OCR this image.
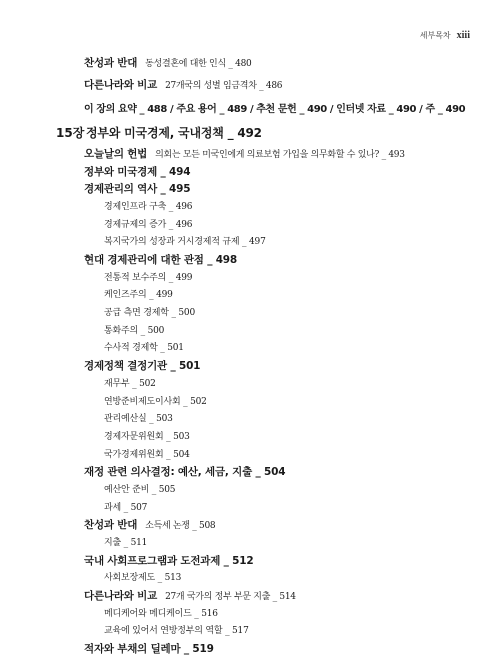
세부목차 xiii
찬성과 반대 동성결혼에 대한 인식 _ 480
다른나라와 비교 27개국의 성별 임금격차 _ 486
이 장의 요약 _ 488 / 주요 용어 _ 489 / 추천 문헌 _ 490 / 인터넷 자료 _ 490 / 주 _ 490
15장 정부와 미국경제, 국내정책 _ 492
오늘날의 헌법 의회는 모든 미국인에게 의료보험 가입을 의무화할 수 있나? _ 493
정부와 미국경제 _ 494
경제관리의 역사 _ 495
경제인프라 구축 _ 496
경제규제의 증가 _ 496
복지국가의 성장과 거시경제적 규제 _ 497
현대 경제관리에 대한 관점 _ 498
전통적 보수주의 _ 499
케인즈주의 _ 499
공급 측면 경제학 _ 500
통화주의 _ 500
수사적 경제학 _ 501
경제정책 결정기관 _ 501
재무부 _ 502
연방준비제도이사회 _ 502
관리예산실 _ 503
경제자문위원회 _ 503
국가경제위원회 _ 504
재정 관련 의사결정: 예산, 세금, 지출 _ 504
예산안 준비 _ 505
과세 _ 507
찬성과 반대 소득세 논쟁 _ 508
지출 _ 511
국내 사회프로그램과 도전과제 _ 512
사회보장제도 _ 513
다른나라와 비교 27개 국가의 정부 부문 지출 _ 514
메디케어와 메디케이드 _ 516
교육에 있어서 연방정부의 역할 _ 517
적자와 부채의 딜레마 _ 519
